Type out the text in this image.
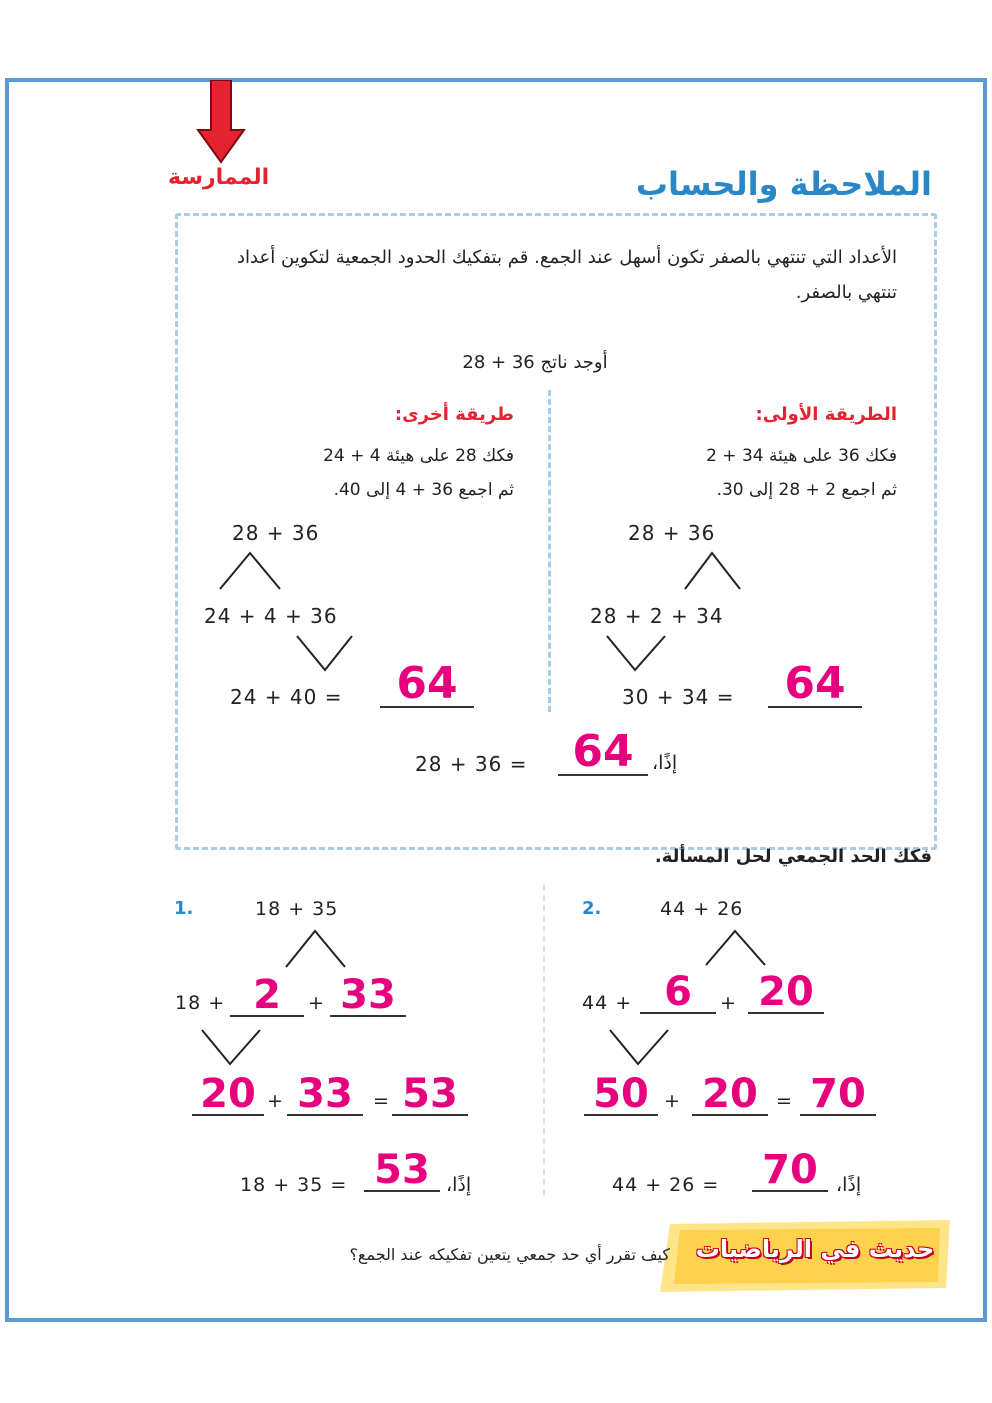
الممارسة	الملاحظة والحساب
الأعداد التي تنتهي بالصفر تكون أسهل عند الجمع. قم بتفكيك الحدود الجمعية لتكوين أعداد تنتهي بالصفر.
أوجد ناتج 36 + 28
الطريقة الأولى:
فكك 36 على هيئة 34 + 2
ثم اجمع 2 + 28 إلى 30.
28 + 36
28 + 2 + 34
30 + 34 =	64
طريقة أخرى:
فكك 28 على هيئة 4 + 24
ثم اجمع 36 + 4 إلى 40.
28 + 36
24 + 4 + 36
24 + 40 =	64
28 + 36 =	64 إذًا،
فكك الحد الجمعي لحل المسألة.
1.	18 + 35
18 + 2	+ 33
20 + 33	= 53
18 + 35 = 53 إذًا،
2.	44 + 26
44 + 6	+ 20
50 + 20 = 70
44 + 26 = 70 إذًا،
حديث في الرياضيات
كيف تقرر أي حد جمعي يتعين تفكيكه عند الجمع؟
